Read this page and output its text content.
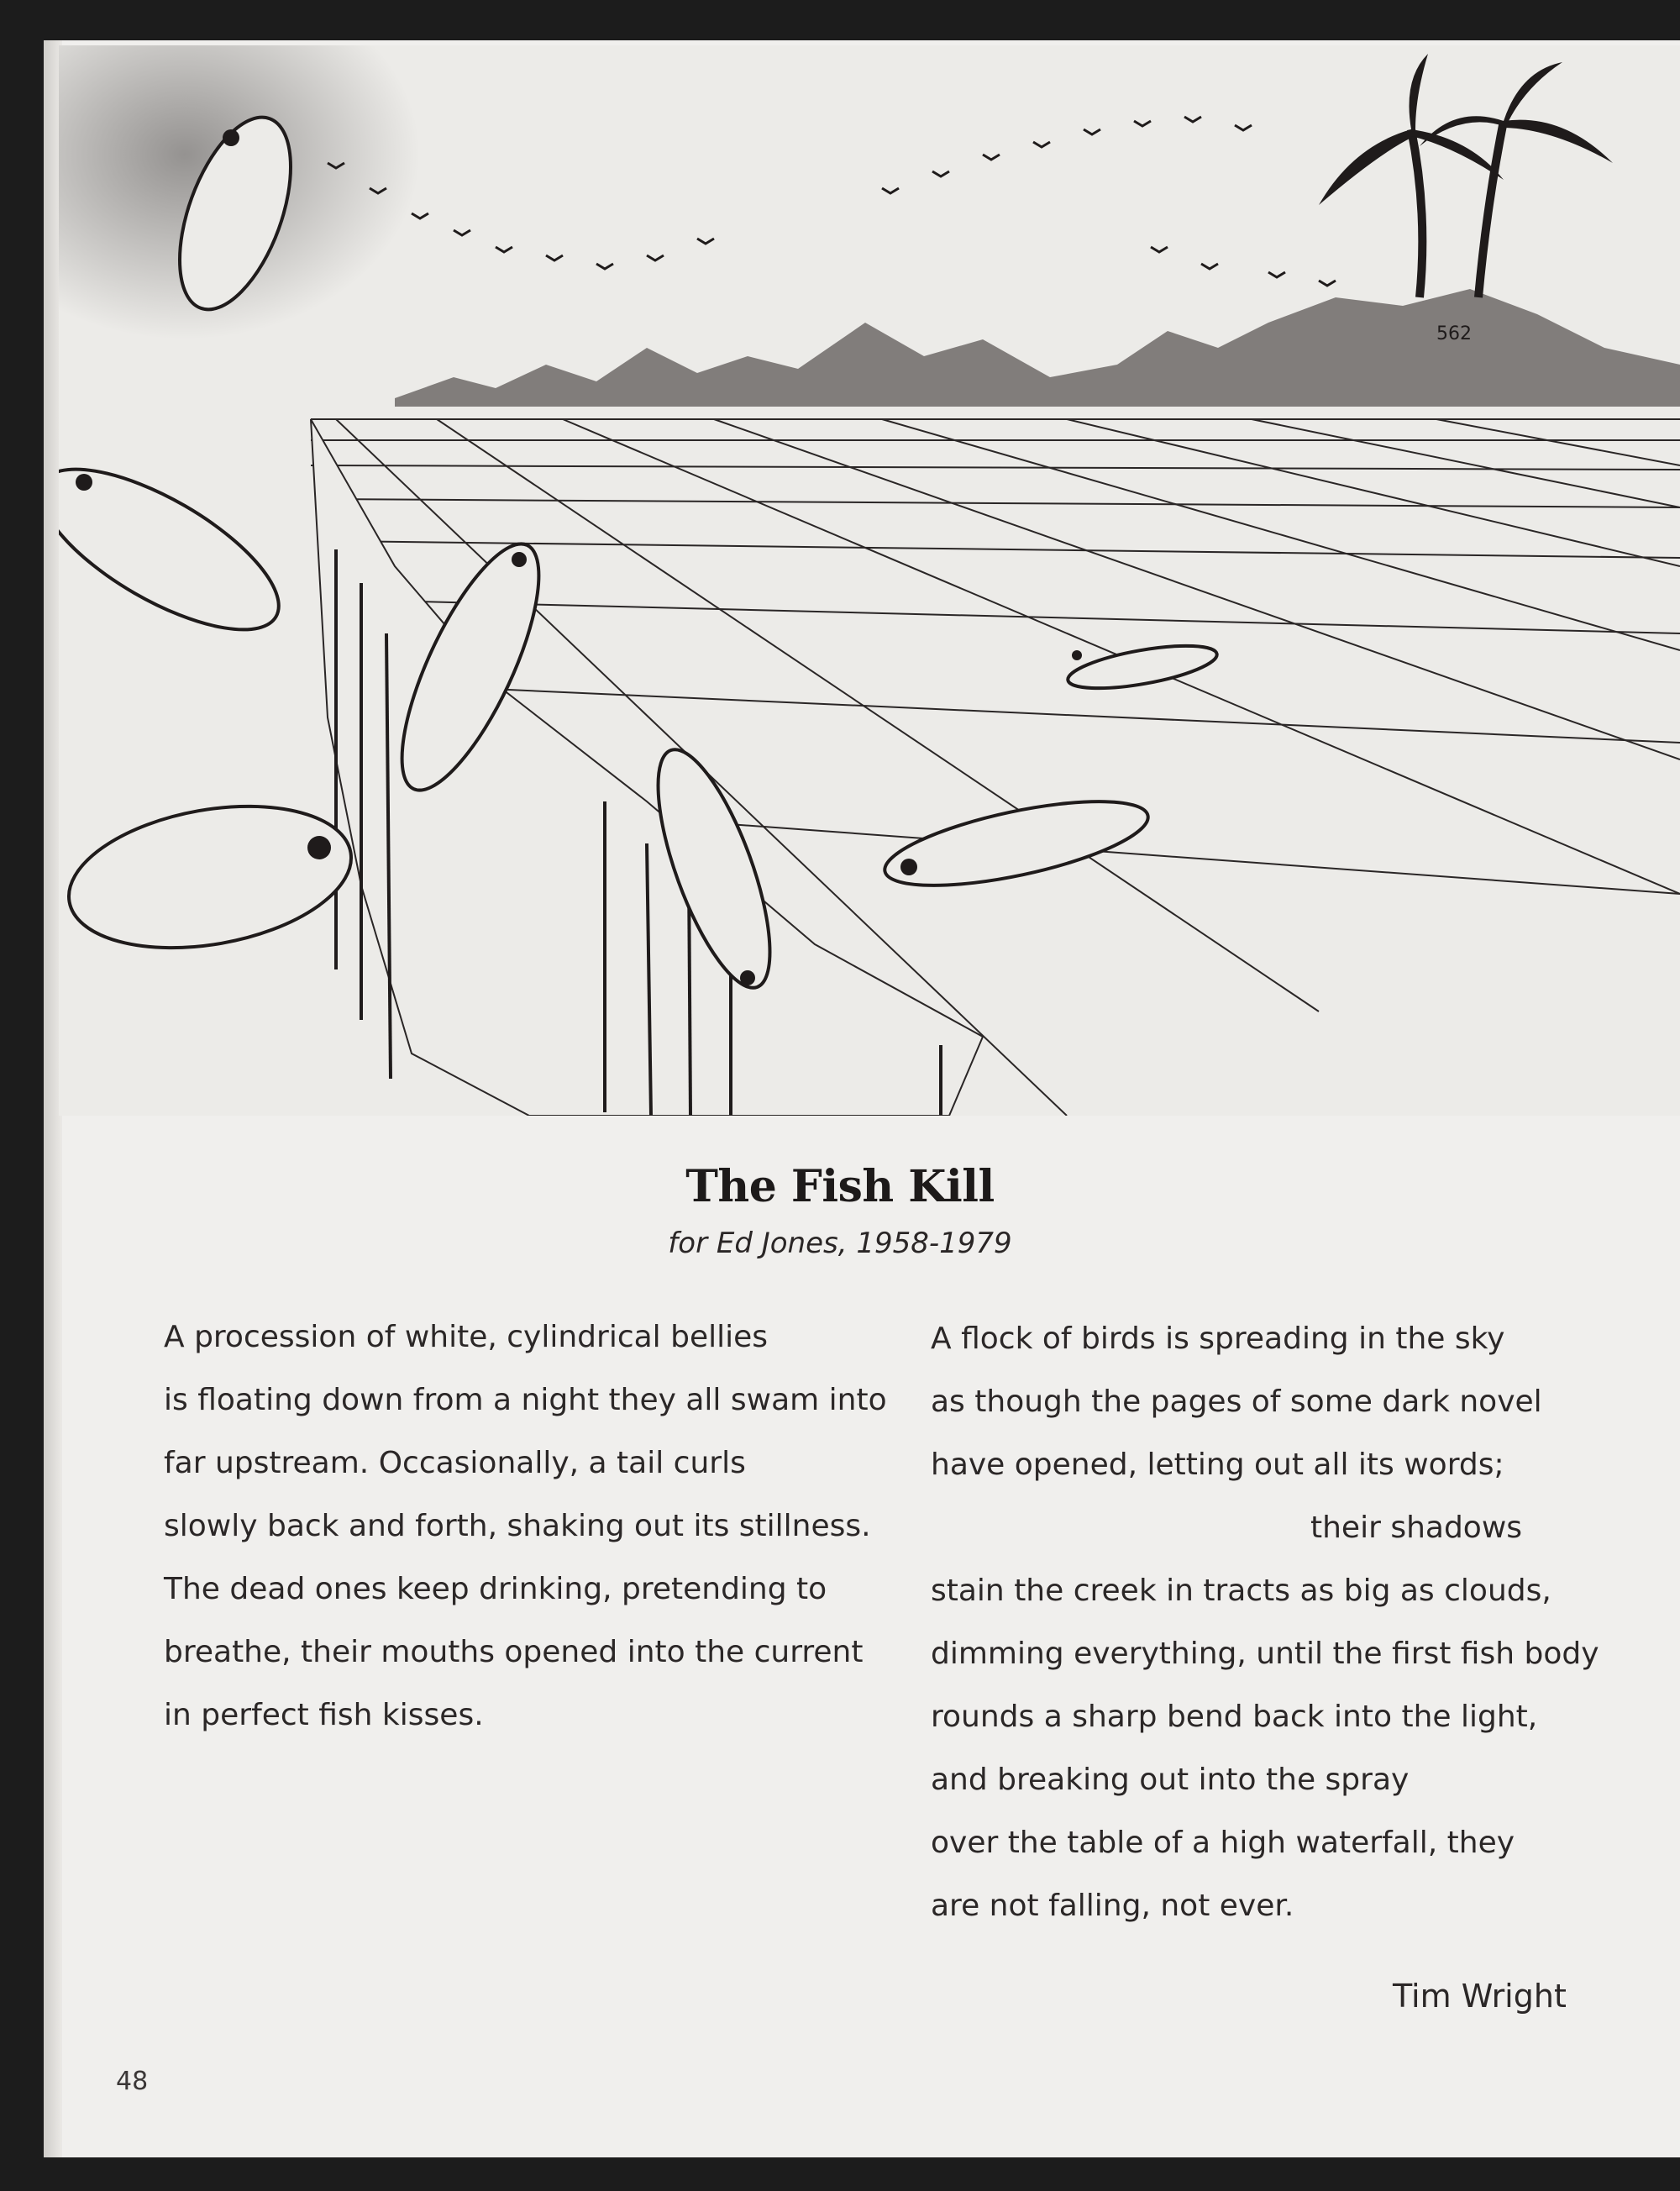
562
The Fish Kill
for Ed Jones, 1958-1979
A procession of white, cylindrical bellies
is floating down from a night they all swam into
far upstream. Occasionally, a tail curls
slowly back and forth, shaking out its stillness.
The dead ones keep drinking, pretending to
breathe, their mouths opened into the current
in perfect fish kisses.
A flock of birds is spreading in the sky
as though the pages of some dark novel
have opened, letting out all its words;
their shadows
stain the creek in tracts as big as clouds,
dimming everything, until the first fish body
rounds a sharp bend back into the light,
and breaking out into the spray
over the table of a high waterfall, they
are not falling, not ever.
Tim Wright
48
